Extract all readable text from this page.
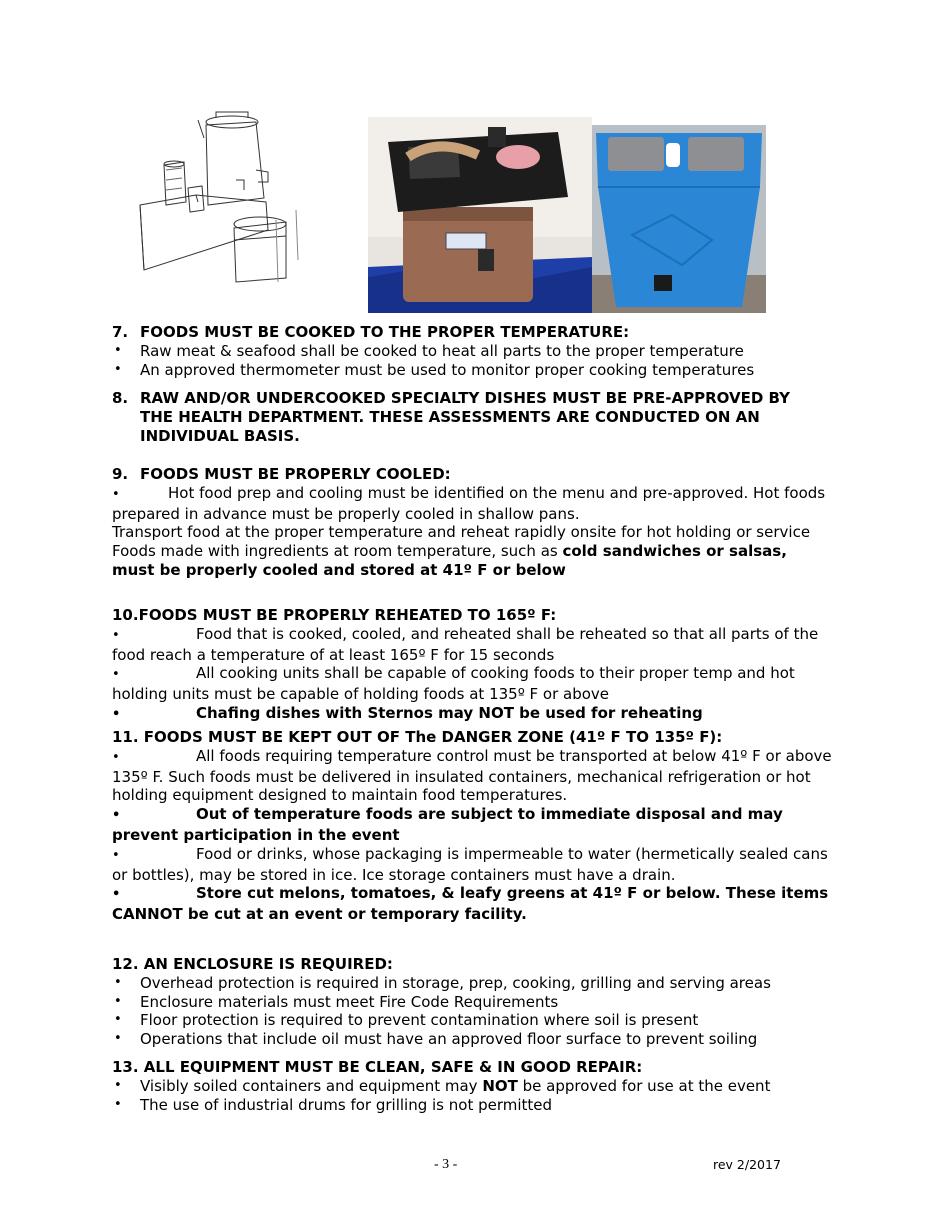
7. FOODS MUST BE COOKED TO THE PROPER TEMPERATURE:
• Raw meat & seafood shall be cooked to heat all parts to the proper temperature
• An approved thermometer must be used to monitor proper cooking temperatures
8. RAW AND/OR UNDERCOOKED SPECIALTY DISHES MUST BE PRE-APPROVED BY THE HEALTH DEPARTMENT. THESE ASSESSMENTS ARE CONDUCTED ON AN INDIVIDUAL BASIS.
9. FOODS MUST BE PROPERLY COOLED:
Hot food prep and cooling must be identified on the menu and pre-approved. Hot foods prepared in advance must be properly cooled in shallow pans.
Transport food at the proper temperature and reheat rapidly onsite for hot holding or service
Foods made with ingredients at room temperature, such as cold sandwiches or salsas, must be properly cooled and stored at 41º F or below
10.FOODS MUST BE PROPERLY REHEATED TO 165º F:
Food that is cooked, cooled, and reheated shall be reheated so that all parts of the food reach a temperature of at least 165º F for 15 seconds
All cooking units shall be capable of cooking foods to their proper temp and hot holding units must be capable of holding foods at 135º F or above
Chafing dishes with Sternos may NOT be used for reheating
11. FOODS MUST BE KEPT OUT OF The DANGER ZONE (41º F TO 135º F):
All foods requiring temperature control must be transported at below 41º F or above 135º F. Such foods must be delivered in insulated containers, mechanical refrigeration or hot holding equipment designed to maintain food temperatures.
Out of temperature foods are subject to immediate disposal and may prevent participation in the event
Food or drinks, whose packaging is impermeable to water (hermetically sealed cans or bottles), may be stored in ice. Ice storage containers must have a drain.
Store cut melons, tomatoes, & leafy greens at 41º F or below. These items CANNOT be cut at an event or temporary facility.
12. AN ENCLOSURE IS REQUIRED:
• Overhead protection is required in storage, prep, cooking, grilling and serving areas
• Enclosure materials must meet Fire Code Requirements
• Floor protection is required to prevent contamination where soil is present
• Operations that include oil must have an approved floor surface to prevent soiling
13. ALL EQUIPMENT MUST BE CLEAN, SAFE & IN GOOD REPAIR:
• Visibly soiled containers and equipment may NOT be approved for use at the event
• The use of industrial drums for grilling is not permitted
- 3 -	rev 2/2017
